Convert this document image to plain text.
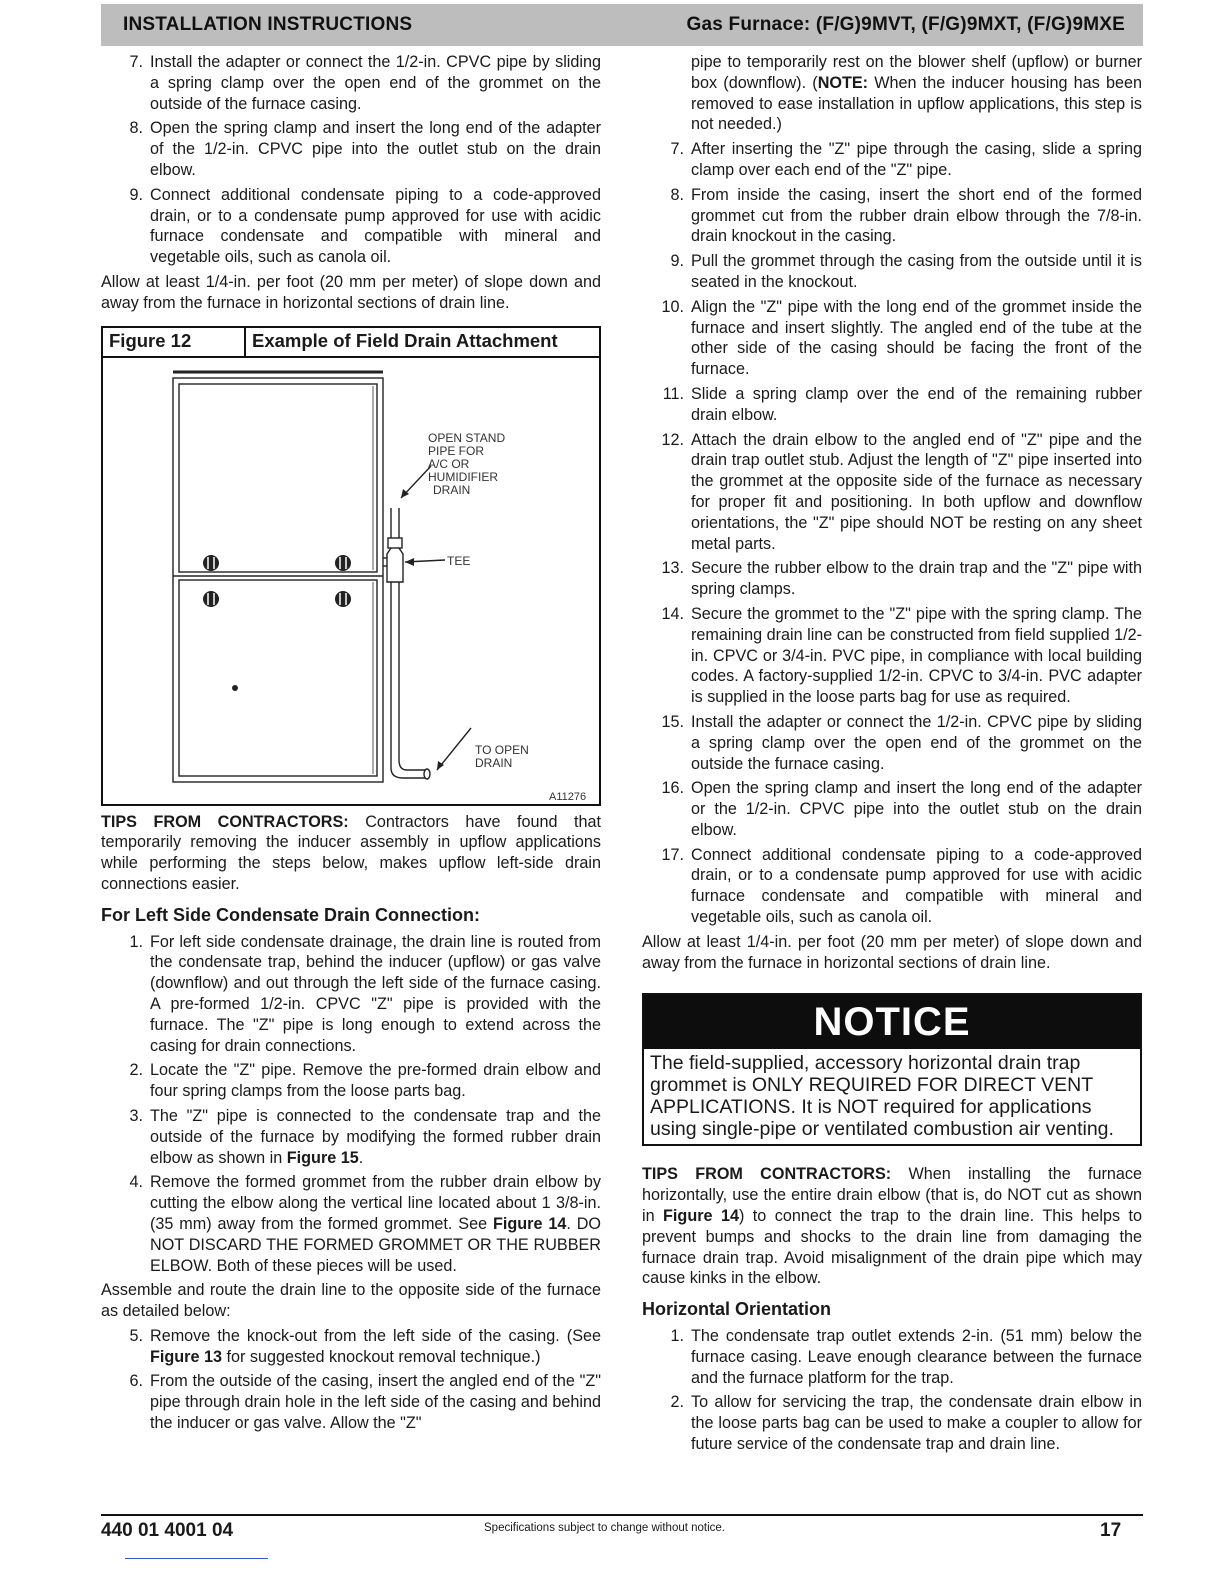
INSTALLATION INSTRUCTIONS	Gas Furnace: (F/G)9MVT, (F/G)9MXT, (F/G)9MXE
7. Install the adapter or connect the 1/2-in. CPVC pipe by sliding a spring clamp over the open end of the grommet on the outside of the furnace casing.
8. Open the spring clamp and insert the long end of the adapter of the 1/2-in. CPVC pipe into the outlet stub on the drain elbow.
9. Connect additional condensate piping to a code-approved drain, or to a condensate pump approved for use with acidic furnace condensate and compatible with mineral and vegetable oils, such as canola oil.

Allow at least 1/4-in. per foot (20 mm per meter) of slope down and away from the furnace in horizontal sections of drain line.

Figure 12	Example of Field Drain Attachment
OPEN STAND
PIPE FOR
A/C OR
HUMIDIFIER
DRAIN
TEE
TO OPEN
DRAIN
A11276

TIPS FROM CONTRACTORS: Contractors have found that temporarily removing the inducer assembly in upflow applications while performing the steps below, makes upflow left-side drain connections easier.

For Left Side Condensate Drain Connection:
1. For left side condensate drainage, the drain line is routed from the condensate trap, behind the inducer (upflow) or gas valve (downflow) and out through the left side of the furnace casing. A pre-formed 1/2-in. CPVC "Z" pipe is provided with the furnace. The "Z" pipe is long enough to extend across the casing for drain connections.
2. Locate the "Z" pipe. Remove the pre-formed drain elbow and four spring clamps from the loose parts bag.
3. The "Z" pipe is connected to the condensate trap and the outside of the furnace by modifying the formed rubber drain elbow as shown in Figure 15.
4. Remove the formed grommet from the rubber drain elbow by cutting the elbow along the vertical line located about 1 3/8-in. (35 mm) away from the formed grommet. See Figure 14. DO NOT DISCARD THE FORMED GROMMET OR THE RUBBER ELBOW. Both of these pieces will be used.

Assemble and route the drain line to the opposite side of the furnace as detailed below:

5. Remove the knock-out from the left side of the casing. (See Figure 13 for suggested knockout removal technique.)
6. From the outside of the casing, insert the angled end of the "Z" pipe through drain hole in the left side of the casing and behind the inducer or gas valve. Allow the "Z"

pipe to temporarily rest on the blower shelf (upflow) or burner box (downflow). (NOTE: When the inducer housing has been removed to ease installation in upflow applications, this step is not needed.)

7. After inserting the "Z" pipe through the casing, slide a spring clamp over each end of the "Z" pipe.
8. From inside the casing, insert the short end of the formed grommet cut from the rubber drain elbow through the 7/8-in. drain knockout in the casing.
9. Pull the grommet through the casing from the outside until it is seated in the knockout.
10. Align the "Z" pipe with the long end of the grommet inside the furnace and insert slightly. The angled end of the tube at the other side of the casing should be facing the front of the furnace.
11. Slide a spring clamp over the end of the remaining rubber drain elbow.
12. Attach the drain elbow to the angled end of "Z" pipe and the drain trap outlet stub. Adjust the length of "Z" pipe inserted into the grommet at the opposite side of the furnace as necessary for proper fit and positioning. In both upflow and downflow orientations, the "Z" pipe should NOT be resting on any sheet metal parts.
13. Secure the rubber elbow to the drain trap and the "Z" pipe with spring clamps.
14. Secure the grommet to the "Z" pipe with the spring clamp. The remaining drain line can be constructed from field supplied 1/2-in. CPVC or 3/4-in. PVC pipe, in compliance with local building codes. A factory-supplied 1/2-in. CPVC to 3/4-in. PVC adapter is supplied in the loose parts bag for use as required.
15. Install the adapter or connect the 1/2-in. CPVC pipe by sliding a spring clamp over the open end of the grommet on the outside the furnace casing.
16. Open the spring clamp and insert the long end of the adapter or the 1/2-in. CPVC pipe into the outlet stub on the drain elbow.
17. Connect additional condensate piping to a code-approved drain, or to a condensate pump approved for use with acidic furnace condensate and compatible with mineral and vegetable oils, such as canola oil.

Allow at least 1/4-in. per foot (20 mm per meter) of slope down and away from the furnace in horizontal sections of drain line.

NOTICE
The field-supplied, accessory horizontal drain trap grommet is ONLY REQUIRED FOR DIRECT VENT APPLICATIONS. It is NOT required for applications using single-pipe or ventilated combustion air venting.

TIPS FROM CONTRACTORS: When installing the furnace horizontally, use the entire drain elbow (that is, do NOT cut as shown in Figure 14) to connect the trap to the drain line. This helps to prevent bumps and shocks to the drain line from damaging the furnace drain trap. Avoid misalignment of the drain pipe which may cause kinks in the elbow.

Horizontal Orientation
1. The condensate trap outlet extends 2-in. (51 mm) below the furnace casing. Leave enough clearance between the furnace and the furnace platform for the trap.
2. To allow for servicing the trap, the condensate drain elbow in the loose parts bag can be used to make a coupler to allow for future service of the condensate trap and drain line.
440 01 4001 04	Specifications subject to change without notice.	17
